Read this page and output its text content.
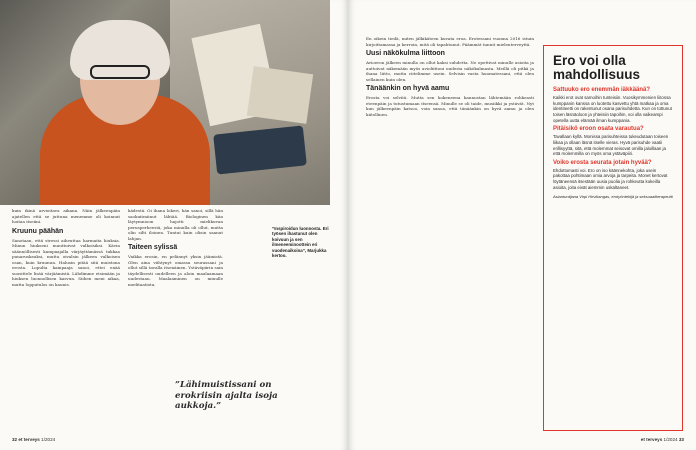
”Inspiroidun luonnosta. Eri työsen ihastunut olen koivuun ja sen ilmeneeminoottein eri vuodenaikoina”, Marjukka kertoo.

kuin ikinä arvioitava aikana. Näin jälkeenpäin ajatellen että se juttuna menemme oli koinnut hoitaa itseäni.

Kruunu päähän

Sanotaan, että stressi aiheuttaa harmaita hiuksia. Minun hiukseni muuttuivat valkoisiksi. Kävin säännöllisesti kampaajalla värjäyttämässä tukkaa punaruskeaksi, mutta oivalsin jälkeen valkoisen osan, kuin kruunun. Halusin pitää sitä muistona erosta. Lopulta kampaaja sanoi, ettei enää suosittele lisää värjäämistä. Lähdimme etsimään ja hiuksen luonnollisen kasvun. Siihen meni aikaa, mutta lopputulos on kaunis.

kädestä. Oi ihana lokeri, hän sanoi, sillä hän saokuitmiinut lähtää. Biologinen kän läytymnioon hajotti mielikuvan perusperheestä, joka minulla oli ollut, mutta olin silti iloinen. Tuntui kuin olisin saanut lahjan.

Taiteen sylissä

Vaikka erosin, en pelännyt yksin jäämistä. Olen aina viihtynyt omassa seurassani ja ollut sillä tavalla itsenäinen. Ystäväpiirin sain täydellisesti uudelleen ja aloin maalaamaan uudestaan. Maalaaminen on minulle meditaatiota.

”Lähimuistissani on erokriisin ajalta isoja aukkoja.”
32 et terveys 1/2024

En oikein tiedä, miten jälkikäteen kuvata eroa. Erotessani vuonna 2016 istuin kirjoittamassa ja kerroin, mitä oli tapahtunut. Päämmät tunnit mielenterveyttä.

Uusi näkökulma liittoon

Avioeron jälkeen minulla on ollut kaksi suhdetta. Ne opettivat minulle asioita ja auttoivat näkemään myös avioliittoni uudesta näkökulmasta. Meillä oli pitkä ja ihana liitto, mutta riitelimme usein. Selvisin vasta huomatessani, että olen sellainen kuin olen.

Tänäänkin on hyvä aamu

Erosta voi selvitä. Mutta sen kokeneena kannustan lähtemään rohkeasti eteenpäin ja tutustumaan itseensä. Minulle se oli taide, musiikki ja ystävät. Nyt kun jälkeenpäin katsoo, voin sanoa, että tänäänkin on hyvä aamu ja olen kiitollinen.

Ero voi olla mahdollisuus
Sattuuko ero enemmän iäkkäänä?

Kaikki erot ovat samoihin tunteisiin. Vuosikymmenien liitossa kumppanin kanssa on luotettu kasvettu yhtä matkaa ja oma identiteetti on rakentunut osana parisuhdetta. Kun on tottunut toisen läsnäoloon ja yhteisiin tapoihin, voi olla vaikeampi opetella uutta elämää ilman kumppania.

Pitäisikö eroon osata varautua?

Tavallaan kyllä. Monissa parisuhteissa tukeudutaan toiseen liikaa ja ollaan läsnä itselle vieras. Hyvä parisuhde vaatii erillisyyttä, sitä, että molemmat seisovat omilla jaloillaan ja että molemmilla on myös oma ystäväpiiri.

Voiko erosta seurata jotain hyvää?

Ehdottomasti voi. Ero on iso käännekohta, joka usein pakottaa pohtimaan omia arvoja ja tarpeita. Monet kertovat löytäneensä itsestään uusia puolia ja rohkeutta kokeilla asioita, joita eivät aiemmin uskaltaneet.

Asiantuntijana Virpi Hirvikangas, erotyöntekijä ja seksuaaliterapeutti

et terveys 1/2024 33
